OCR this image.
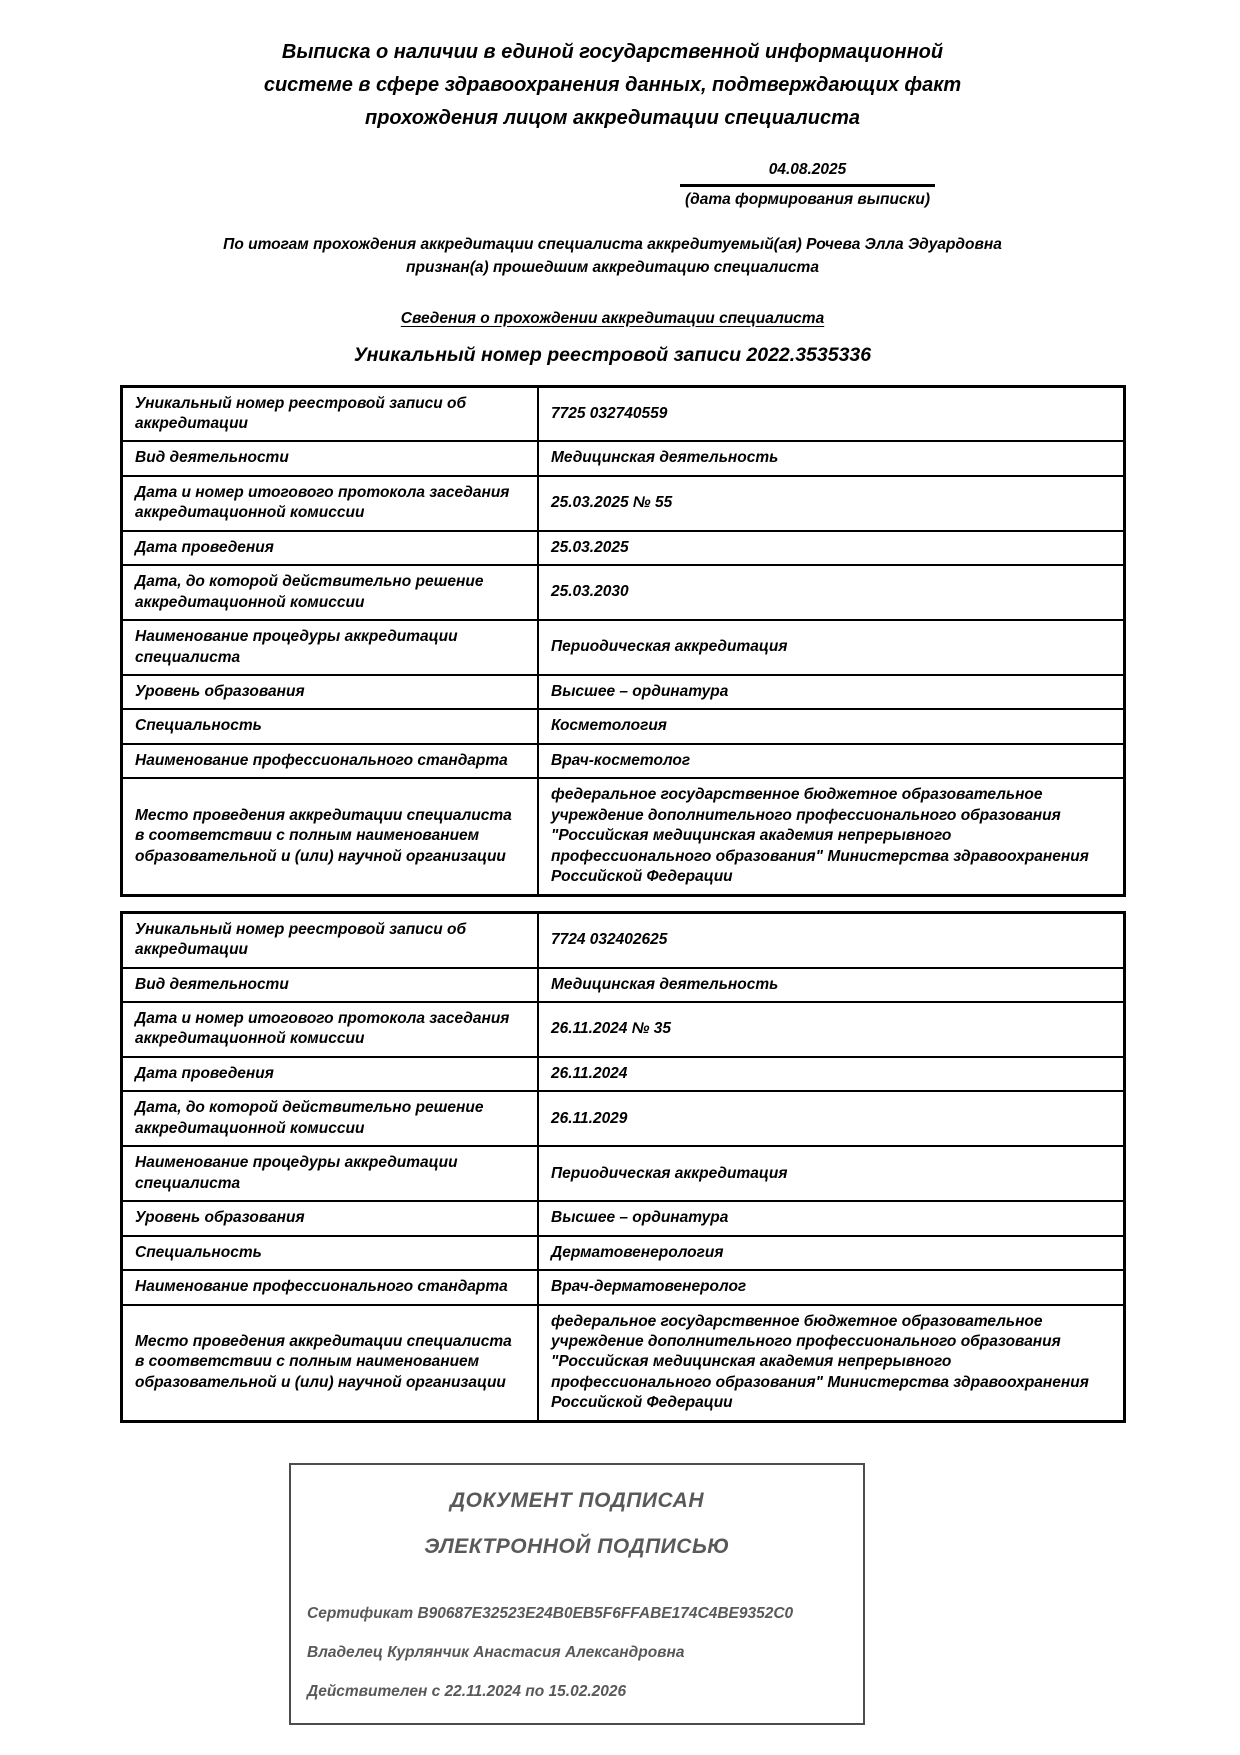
Выписка о наличии в единой государственной информационной системе в сфере здравоохранения данных, подтверждающих факт прохождения лицом аккредитации специалиста
04.08.2025
(дата формирования выписки)

По итогам прохождения аккредитации специалиста аккредитуемый(ая) Рочева Элла Эдуардовна признан(а) прошедшим аккредитацию специалиста

Сведения о прохождении аккредитации специалиста
Уникальный номер реестровой записи 2022.3535336
Уникальный номер реестровой записи об аккредитации	7725 032740559
Вид деятельности	Медицинская деятельность
Дата и номер итогового протокола заседания аккредитационной комиссии	25.03.2025 № 55
Дата проведения	25.03.2025
Дата, до которой действительно решение аккредитационной комиссии	25.03.2030
Наименование процедуры аккредитации специалиста	Периодическая аккредитация
Уровень образования	Высшее – ординатура
Специальность	Косметология
Наименование профессионального стандарта	Врач-косметолог
Место проведения аккредитации специалиста в соответствии с полным наименованием образовательной и (или) научной организации	федеральное государственное бюджетное образовательное учреждение дополнительного профессионального образования "Российская медицинская академия непрерывного профессионального образования" Министерства здравоохранения Российской Федерации
Уникальный номер реестровой записи об аккредитации	7724 032402625
Вид деятельности	Медицинская деятельность
Дата и номер итогового протокола заседания аккредитационной комиссии	26.11.2024 № 35
Дата проведения	26.11.2024
Дата, до которой действительно решение аккредитационной комиссии	26.11.2029
Наименование процедуры аккредитации специалиста	Периодическая аккредитация
Уровень образования	Высшее – ординатура
Специальность	Дерматовенерология
Наименование профессионального стандарта	Врач-дерматовенеролог
Место проведения аккредитации специалиста в соответствии с полным наименованием образовательной и (или) научной организации	федеральное государственное бюджетное образовательное учреждение дополнительного профессионального образования "Российская медицинская академия непрерывного профессионального образования" Министерства здравоохранения Российской Федерации
ДОКУМЕНТ ПОДПИСАН
ЭЛЕКТРОННОЙ ПОДПИСЬЮ
Сертификат B90687E32523E24B0EB5F6FFABE174C4BE9352C0
Владелец Курлянчик Анастасия Александровна
Действителен с 22.11.2024 по 15.02.2026
